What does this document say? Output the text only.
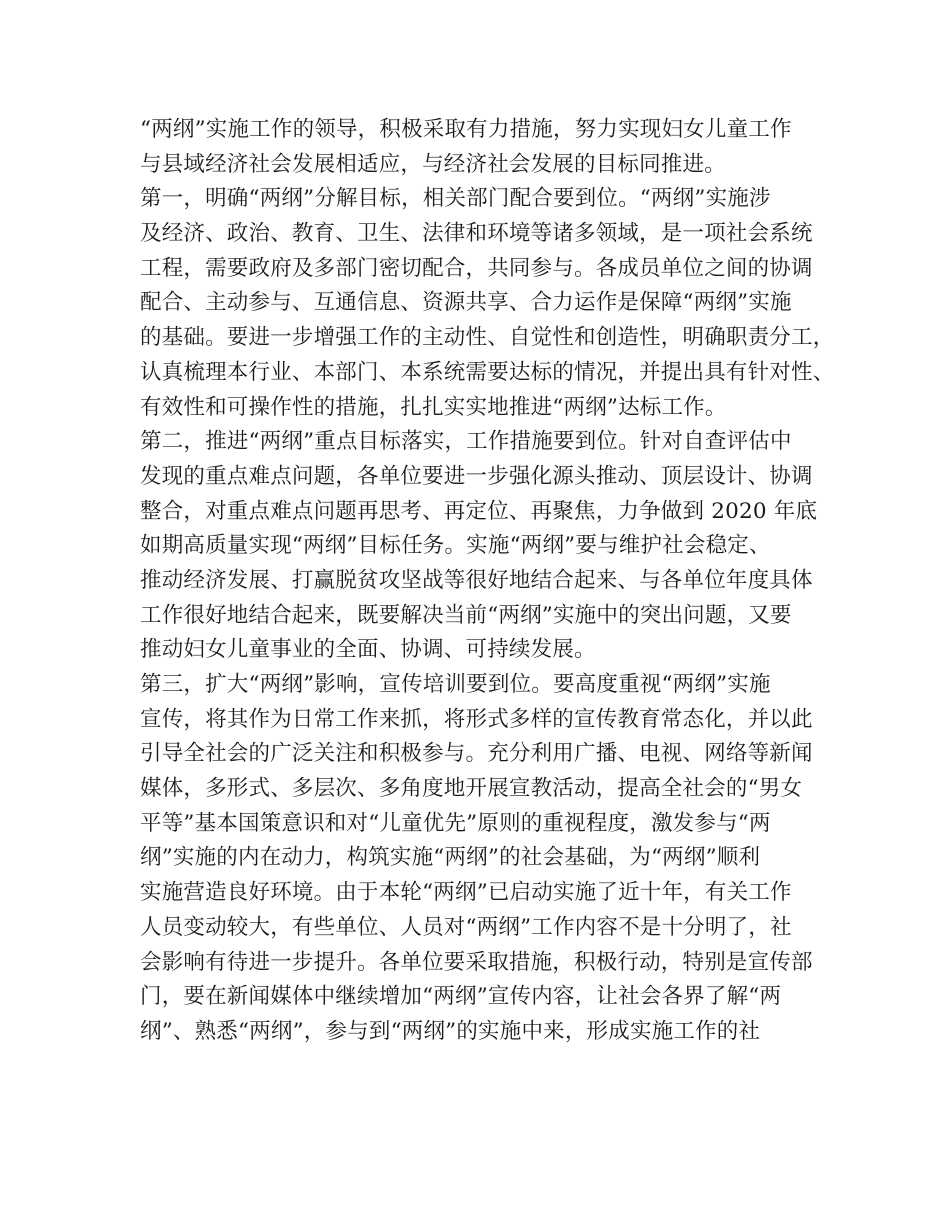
“两纲”实施工作的领导，积极采取有力措施，努力实现妇女儿童工作
与县域经济社会发展相适应，与经济社会发展的目标同推进。
第一，明确“两纲”分解目标，相关部门配合要到位。“两纲”实施涉
及经济、政治、教育、卫生、法律和环境等诸多领域，是一项社会系统
工程，需要政府及多部门密切配合，共同参与。各成员单位之间的协调
配合、主动参与、互通信息、资源共享、合力运作是保障“两纲”实施
的基础。要进一步增强工作的主动性、自觉性和创造性，明确职责分工，
认真梳理本行业、本部门、本系统需要达标的情况，并提出具有针对性、
有效性和可操作性的措施，扎扎实实地推进“两纲”达标工作。
第二，推进“两纲”重点目标落实，工作措施要到位。针对自查评估中
发现的重点难点问题，各单位要进一步强化源头推动、顶层设计、协调
整合，对重点难点问题再思考、再定位、再聚焦，力争做到 2020 年底
如期高质量实现“两纲”目标任务。实施“两纲”要与维护社会稳定、
推动经济发展、打赢脱贫攻坚战等很好地结合起来、与各单位年度具体
工作很好地结合起来，既要解决当前“两纲”实施中的突出问题，又要
推动妇女儿童事业的全面、协调、可持续发展。
第三，扩大“两纲”影响，宣传培训要到位。要高度重视“两纲”实施
宣传，将其作为日常工作来抓，将形式多样的宣传教育常态化，并以此
引导全社会的广泛关注和积极参与。充分利用广播、电视、网络等新闻
媒体，多形式、多层次、多角度地开展宣教活动，提高全社会的“男女
平等”基本国策意识和对“儿童优先”原则的重视程度，激发参与“两
纲”实施的内在动力，构筑实施“两纲”的社会基础，为“两纲”顺利
实施营造良好环境。由于本轮“两纲”已启动实施了近十年，有关工作
人员变动较大，有些单位、人员对“两纲”工作内容不是十分明了，社
会影响有待进一步提升。各单位要采取措施，积极行动，特别是宣传部
门，要在新闻媒体中继续增加“两纲”宣传内容，让社会各界了解“两
纲”、熟悉“两纲”，参与到“两纲”的实施中来，形成实施工作的社
